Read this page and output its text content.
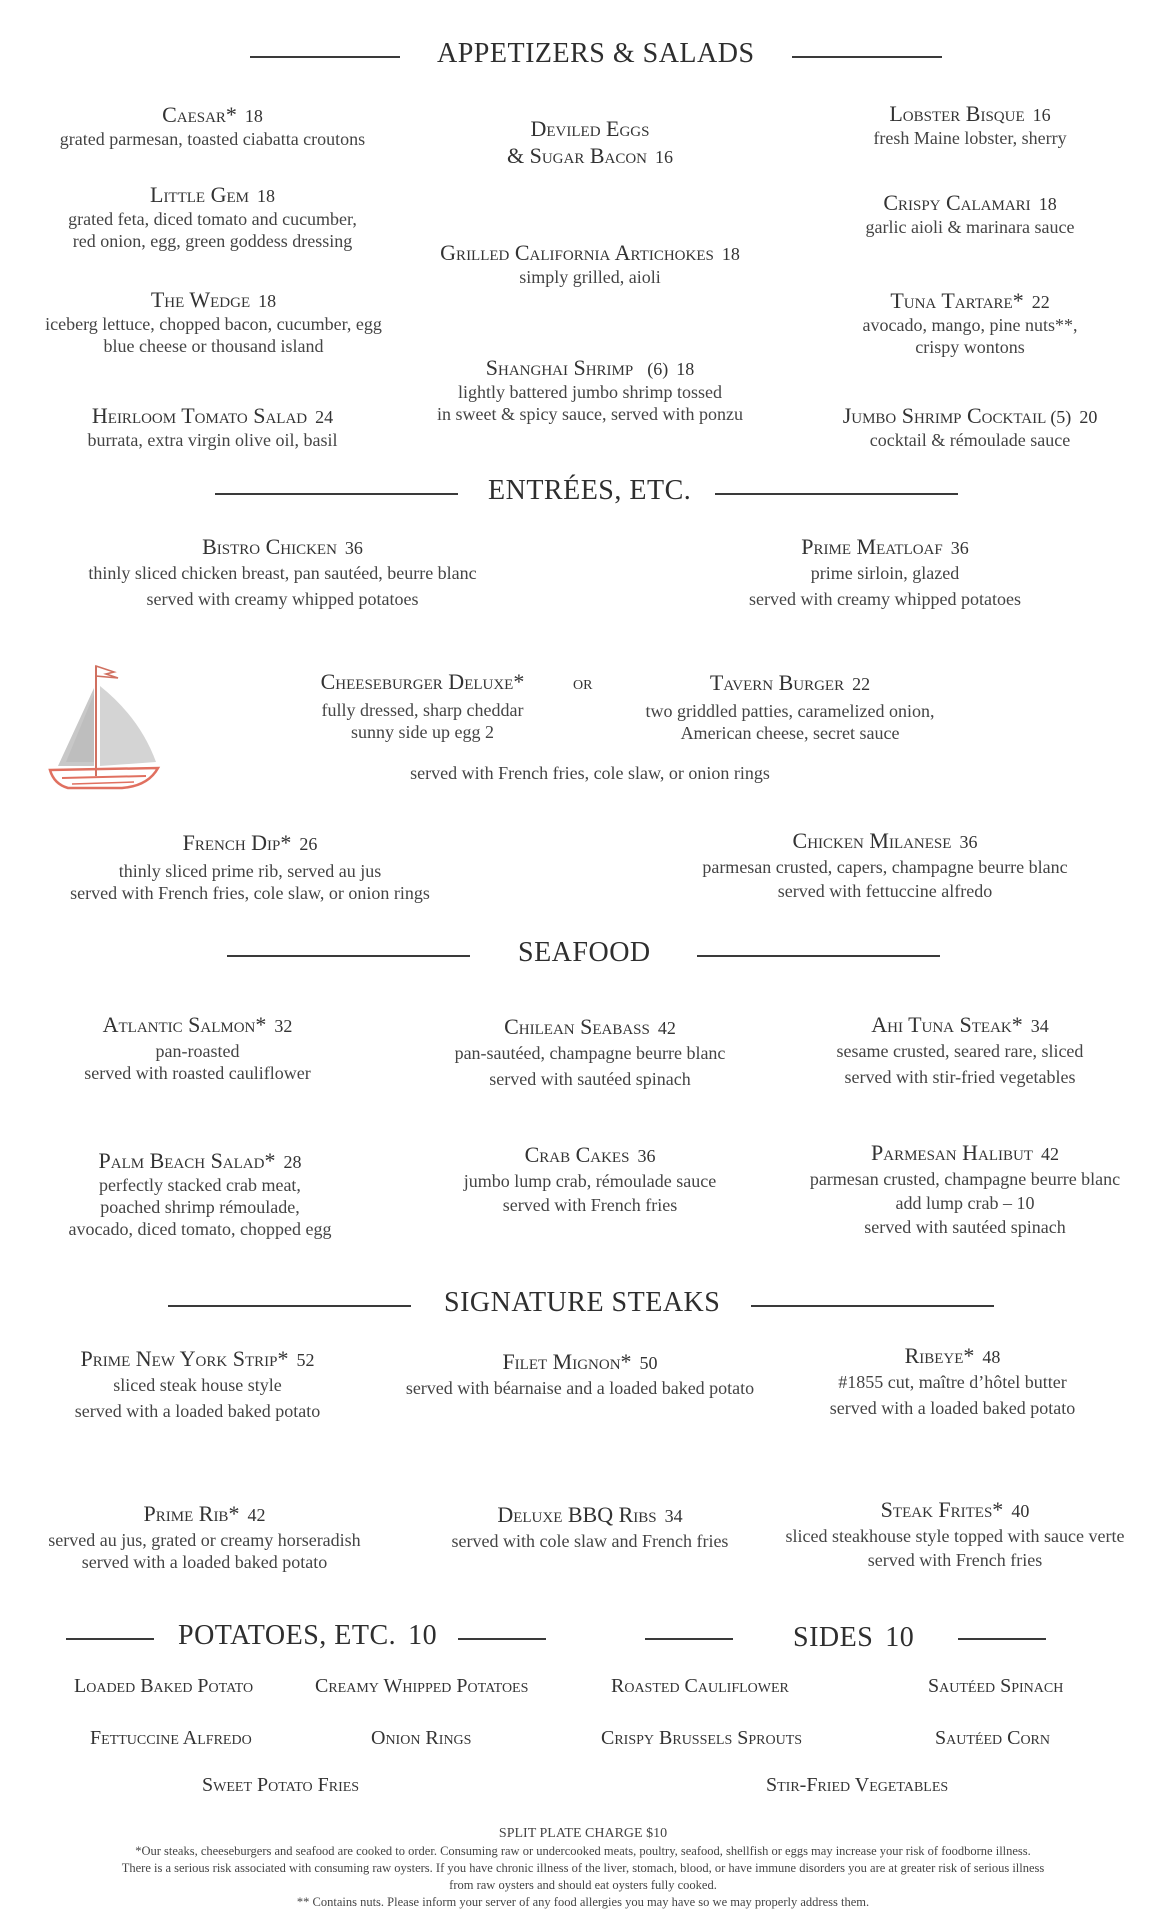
APPETIZERS & SALADS
Caesar* 18
grated parmesan, toasted ciabatta croutons
Little Gem 18
grated feta, diced tomato and cucumber,
red onion, egg, green goddess dressing
The Wedge 18
iceberg lettuce, chopped bacon, cucumber, egg
blue cheese or thousand island
Heirloom Tomato Salad 24
burrata, extra virgin olive oil, basil
Deviled Eggs
& Sugar Bacon 16
Grilled California Artichokes 18
simply grilled, aioli
Shanghai Shrimp (6) 18
lightly battered jumbo shrimp tossed
in sweet & spicy sauce, served with ponzu
Lobster Bisque 16
fresh Maine lobster, sherry
Crispy Calamari 18
garlic aioli & marinara sauce
Tuna Tartare* 22
avocado, mango, pine nuts**,
crispy wontons
Jumbo Shrimp Cocktail (5) 20
cocktail & rémoulade sauce
ENTRÉES, ETC.
Bistro Chicken 36
thinly sliced chicken breast, pan sautéed, beurre blanc
served with creamy whipped potatoes
Prime Meatloaf 36
prime sirloin, glazed
served with creamy whipped potatoes
Cheeseburger Deluxe*
fully dressed, sharp cheddar
sunny side up egg 2
or	Tavern Burger 22
two griddled patties, caramelized onion,
American cheese, secret sauce
served with French fries, cole slaw, or onion rings
French Dip* 26
thinly sliced prime rib, served au jus
served with French fries, cole slaw, or onion rings
Chicken Milanese 36
parmesan crusted, capers, champagne beurre blanc
served with fettuccine alfredo
SEAFOOD
Atlantic Salmon* 32
pan-roasted
served with roasted cauliflower
Chilean Seabass 42
pan-sautéed, champagne beurre blanc
served with sautéed spinach
Ahi Tuna Steak* 34
sesame crusted, seared rare, sliced
served with stir-fried vegetables
Palm Beach Salad* 28
perfectly stacked crab meat,
poached shrimp rémoulade,
avocado, diced tomato, chopped egg
Crab Cakes 36
jumbo lump crab, rémoulade sauce
served with French fries
Parmesan Halibut 42
parmesan crusted, champagne beurre blanc
add lump crab – 10
served with sautéed spinach
SIGNATURE STEAKS
Prime New York Strip* 52
sliced steak house style
served with a loaded baked potato
Filet Mignon* 50
served with béarnaise and a loaded baked potato
Ribeye* 48
#1855 cut, maître d’hôtel butter
served with a loaded baked potato
Prime Rib* 42
served au jus, grated or creamy horseradish
served with a loaded baked potato
Deluxe BBQ Ribs 34
served with cole slaw and French fries
Steak Frites* 40
sliced steakhouse style topped with sauce verte
served with French fries
POTATOES, ETC. 10	SIDES 10
Loaded Baked Potato	Creamy Whipped Potatoes
Fettuccine Alfredo	Onion Rings
Sweet Potato Fries
Roasted Cauliflower	Sautéed Spinach
Crispy Brussels Sprouts	Sautéed Corn
Stir-Fried Vegetables
SPLIT PLATE CHARGE $10
*Our steaks, cheeseburgers and seafood are cooked to order. Consuming raw or undercooked meats, poultry, seafood, shellfish or eggs may increase your risk of foodborne illness.
There is a serious risk associated with consuming raw oysters. If you have chronic illness of the liver, stomach, blood, or have immune disorders you are at greater risk of serious illness
from raw oysters and should eat oysters fully cooked.
** Contains nuts. Please inform your server of any food allergies you may have so we may properly address them.
